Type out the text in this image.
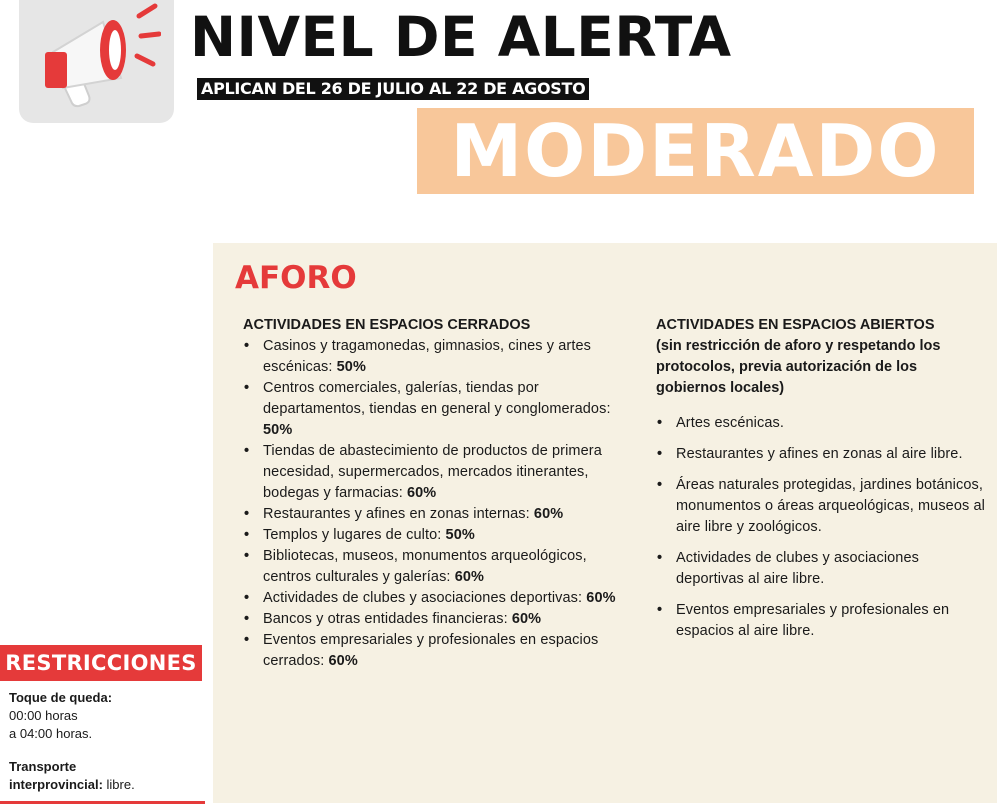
NIVEL DE ALERTA
APLICAN DEL 26 DE JULIO AL 22 DE AGOSTO
MODERADO
AFORO

ACTIVIDADES EN ESPACIOS CERRADOS

• Casinos y tragamonedas, gimnasios, cines y artes escénicas: 50%
• Centros comerciales, galerías, tiendas por departamentos, tiendas en general y conglomerados: 50%
• Tiendas de abastecimiento de productos de primera necesidad, supermercados, mercados itinerantes, bodegas y farmacias: 60%
• Restaurantes y afines en zonas internas: 60%
• Templos y lugares de culto: 50%
• Bibliotecas, museos, monumentos arqueológicos, centros culturales y galerías: 60%
• Actividades de clubes y asociaciones deportivas: 60%
• Bancos y otras entidades financieras: 60%
• Eventos empresariales y profesionales en espacios cerrados: 60%

ACTIVIDADES EN ESPACIOS ABIERTOS

(sin restricción de aforo y respetando los protocolos, previa autorización de los gobiernos locales)

• Artes escénicas.
• Restaurantes y afines en zonas al aire libre.
• Áreas naturales protegidas, jardines botánicos, monumentos o áreas arqueológicas, museos al aire libre y zoológicos.
• Actividades de clubes y asociaciones deportivas al aire libre.
• Eventos empresariales y profesionales en espacios al aire libre.
RESTRICCIONES
Toque de queda:
00:00 horas
a 04:00 horas.
Transporte
interprovincial: libre.
